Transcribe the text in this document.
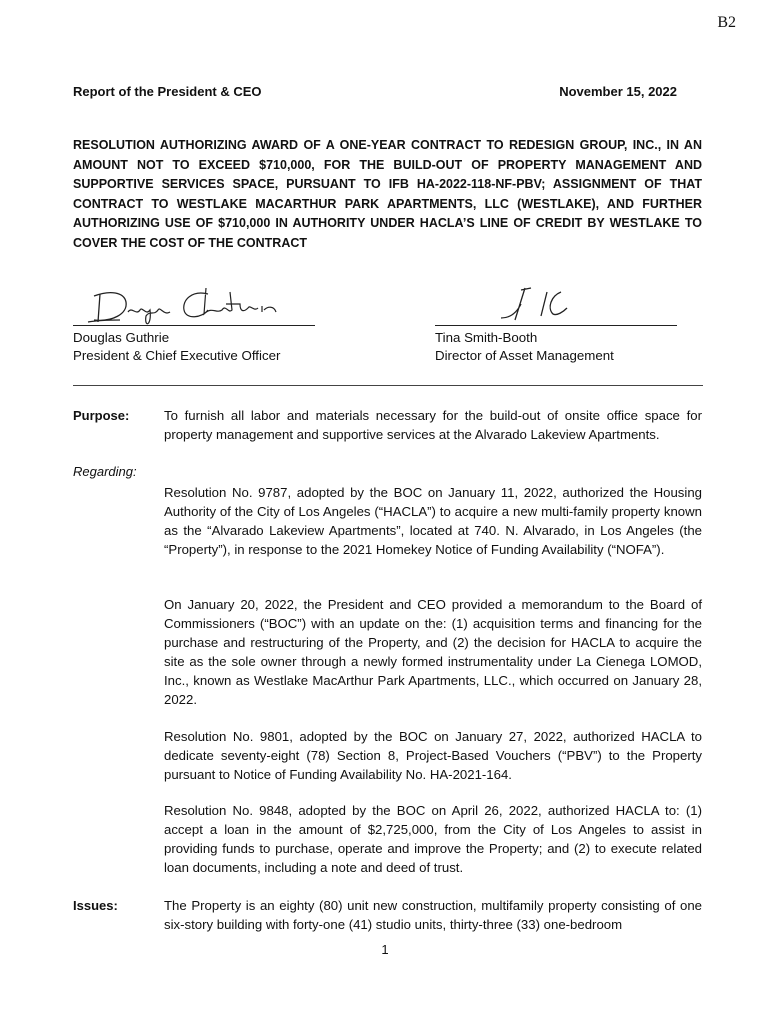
B2
Report of the President & CEO	November 15, 2022
RESOLUTION AUTHORIZING AWARD OF A ONE-YEAR CONTRACT TO REDESIGN GROUP, INC., IN AN AMOUNT NOT TO EXCEED $710,000, FOR THE BUILD-OUT OF PROPERTY MANAGEMENT AND SUPPORTIVE SERVICES SPACE, PURSUANT TO IFB HA-2022-118-NF-PBV; ASSIGNMENT OF THAT CONTRACT TO WESTLAKE MACARTHUR PARK APARTMENTS, LLC (WESTLAKE), AND FURTHER AUTHORIZING USE OF $710,000 IN AUTHORITY UNDER HACLA’S LINE OF CREDIT BY WESTLAKE TO COVER THE COST OF THE CONTRACT
Douglas Guthrie
President & Chief Executive Officer
Tina Smith-Booth
Director of Asset Management
Purpose:	To furnish all labor and materials necessary for the build-out of onsite office space for property management and supportive services at the Alvarado Lakeview Apartments.
Regarding:
Resolution No. 9787, adopted by the BOC on January 11, 2022, authorized the Housing Authority of the City of Los Angeles (“HACLA”) to acquire a new multi-family property known as the “Alvarado Lakeview Apartments”, located at 740. N. Alvarado, in Los Angeles (the “Property”), in response to the 2021 Homekey Notice of Funding Availability (“NOFA”).
On January 20, 2022, the President and CEO provided a memorandum to the Board of Commissioners (“BOC”) with an update on the: (1) acquisition terms and financing for the purchase and restructuring of the Property, and (2) the decision for HACLA to acquire the site as the sole owner through a newly formed instrumentality under La Cienega LOMOD, Inc., known as Westlake MacArthur Park Apartments, LLC., which occurred on January 28, 2022.
Resolution No. 9801, adopted by the BOC on January 27, 2022, authorized HACLA to dedicate seventy-eight (78) Section 8, Project-Based Vouchers (“PBV”) to the Property pursuant to Notice of Funding Availability No. HA-2021-164.
Resolution No. 9848, adopted by the BOC on April 26, 2022, authorized HACLA to: (1) accept a loan in the amount of $2,725,000, from the City of Los Angeles to assist in providing funds to purchase, operate and improve the Property; and (2) to execute related loan documents, including a note and deed of trust.
Issues:	The Property is an eighty (80) unit new construction, multifamily property consisting of one six-story building with forty-one (41) studio units, thirty-three (33) one-bedroom
1
